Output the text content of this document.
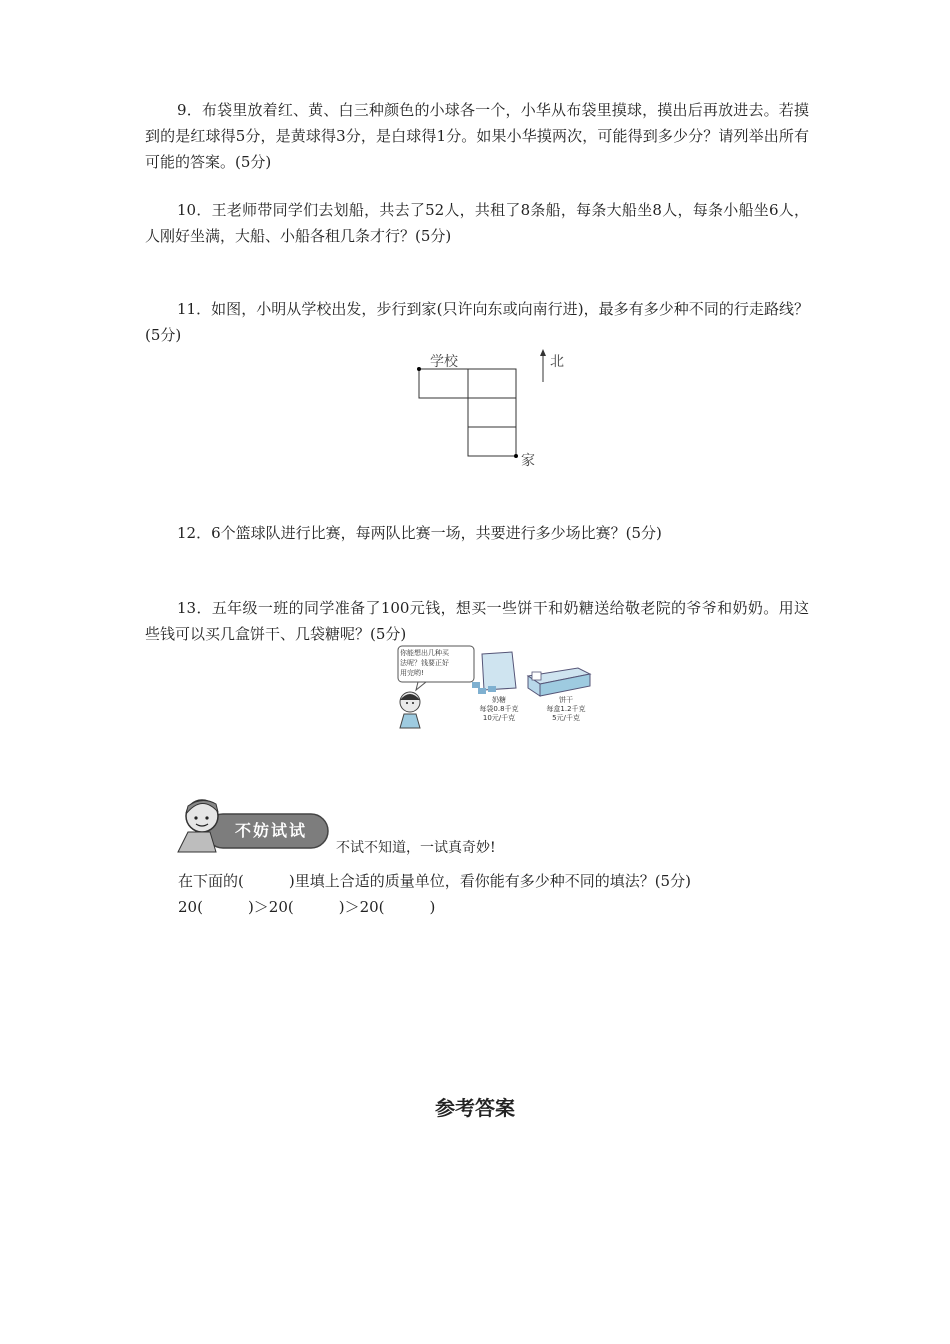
9．布袋里放着红、黄、白三种颜色的小球各一个，小华从布袋里摸球，摸出后再放进去。若摸到的是红球得5分，是黄球得3分，是白球得1分。如果小华摸两次，可能得到多少分？请列举出所有可能的答案。(5分)

10．王老师带同学们去划船，共去了52人，共租了8条船，每条大船坐8人，每条小船坐6人，人刚好坐满，大船、小船各租几条才行？(5分)

11．如图，小明从学校出发，步行到家(只许向东或向南行进)，最多有多少种不同的行走路线？(5分)

学校	北
家

12．6个篮球队进行比赛，每两队比赛一场，共要进行多少场比赛？(5分)

13．五年级一班的同学准备了100元钱，想买一些饼干和奶糖送给敬老院的爷爷和奶奶。用这些钱可以买几盒饼干、几袋糖呢？(5分)

你能想出几种买
法呢？钱要正好
用完哟!
奶糖
每袋0.8千克
10元/千克
饼干
每盒1.2千克
5元/千克
不妨试试
不试不知道，一试真奇妙!
在下面的(　　　)里填上合适的质量单位，看你能有多少种不同的填法？(5分)
20(　　　)＞20(　　　)＞20(　　　)
参考答案
